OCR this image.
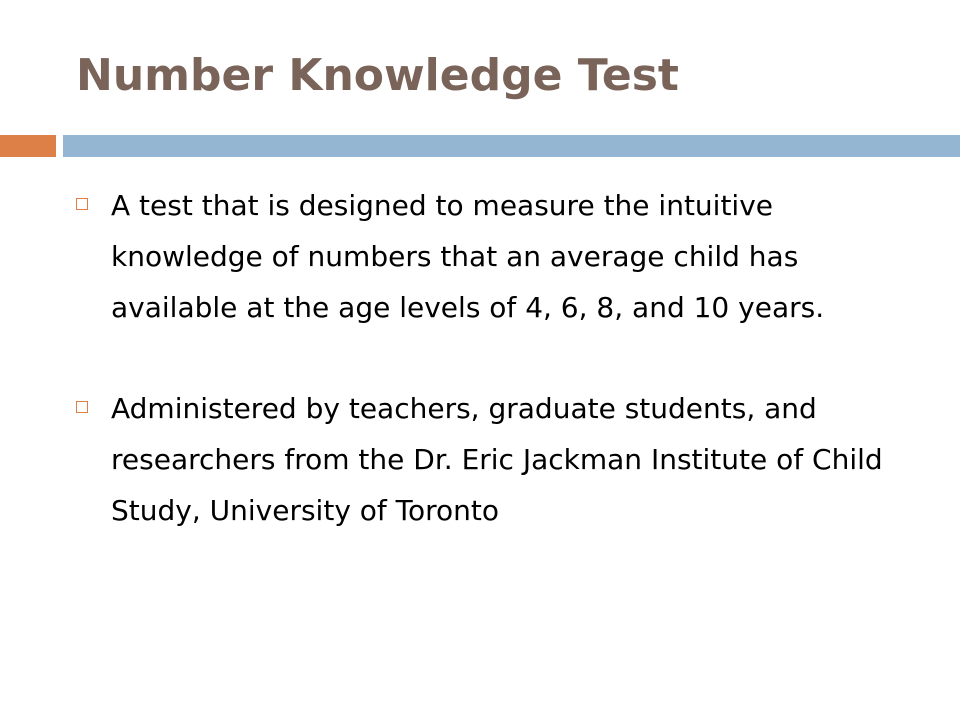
Number Knowledge Test
A test that is designed to measure the intuitive knowledge of numbers that an average child has available at the age levels of 4, 6, 8, and 10 years.
Administered by teachers, graduate students, and researchers from the Dr. Eric Jackman Institute of Child Study, University of Toronto
